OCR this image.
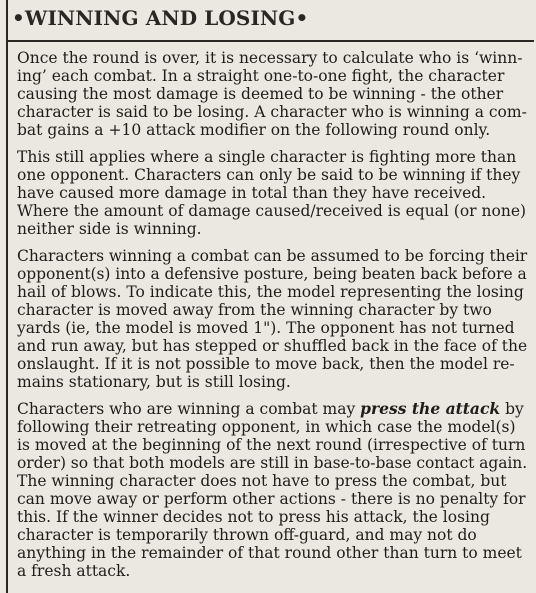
•WINNING AND LOSING•

Once the round is over, it is necessary to calculate who is ‘winn-
ing’ each combat. In a straight one-to-one fight, the character
causing the most damage is deemed to be winning - the other
character is said to be losing. A character who is winning a com-
bat gains a +10 attack modifier on the following round only.

This still applies where a single character is fighting more than
one opponent. Characters can only be said to be winning if they
have caused more damage in total than they have received.
Where the amount of damage caused/received is equal (or none)
neither side is winning.

Characters winning a combat can be assumed to be forcing their
opponent(s) into a defensive posture, being beaten back before a
hail of blows. To indicate this, the model representing the losing
character is moved away from the winning character by two
yards (ie, the model is moved 1"). The opponent has not turned
and run away, but has stepped or shuffled back in the face of the
onslaught. If it is not possible to move back, then the model re-
mains stationary, but is still losing.

Characters who are winning a combat may press the attack by
following their retreating opponent, in which case the model(s)
is moved at the beginning of the next round (irrespective of turn
order) so that both models are still in base-to-base contact again.
The winning character does not have to press the combat, but
can move away or perform other actions - there is no penalty for
this. If the winner decides not to press his attack, the losing
character is temporarily thrown off-guard, and may not do
anything in the remainder of that round other than turn to meet
a fresh attack.
